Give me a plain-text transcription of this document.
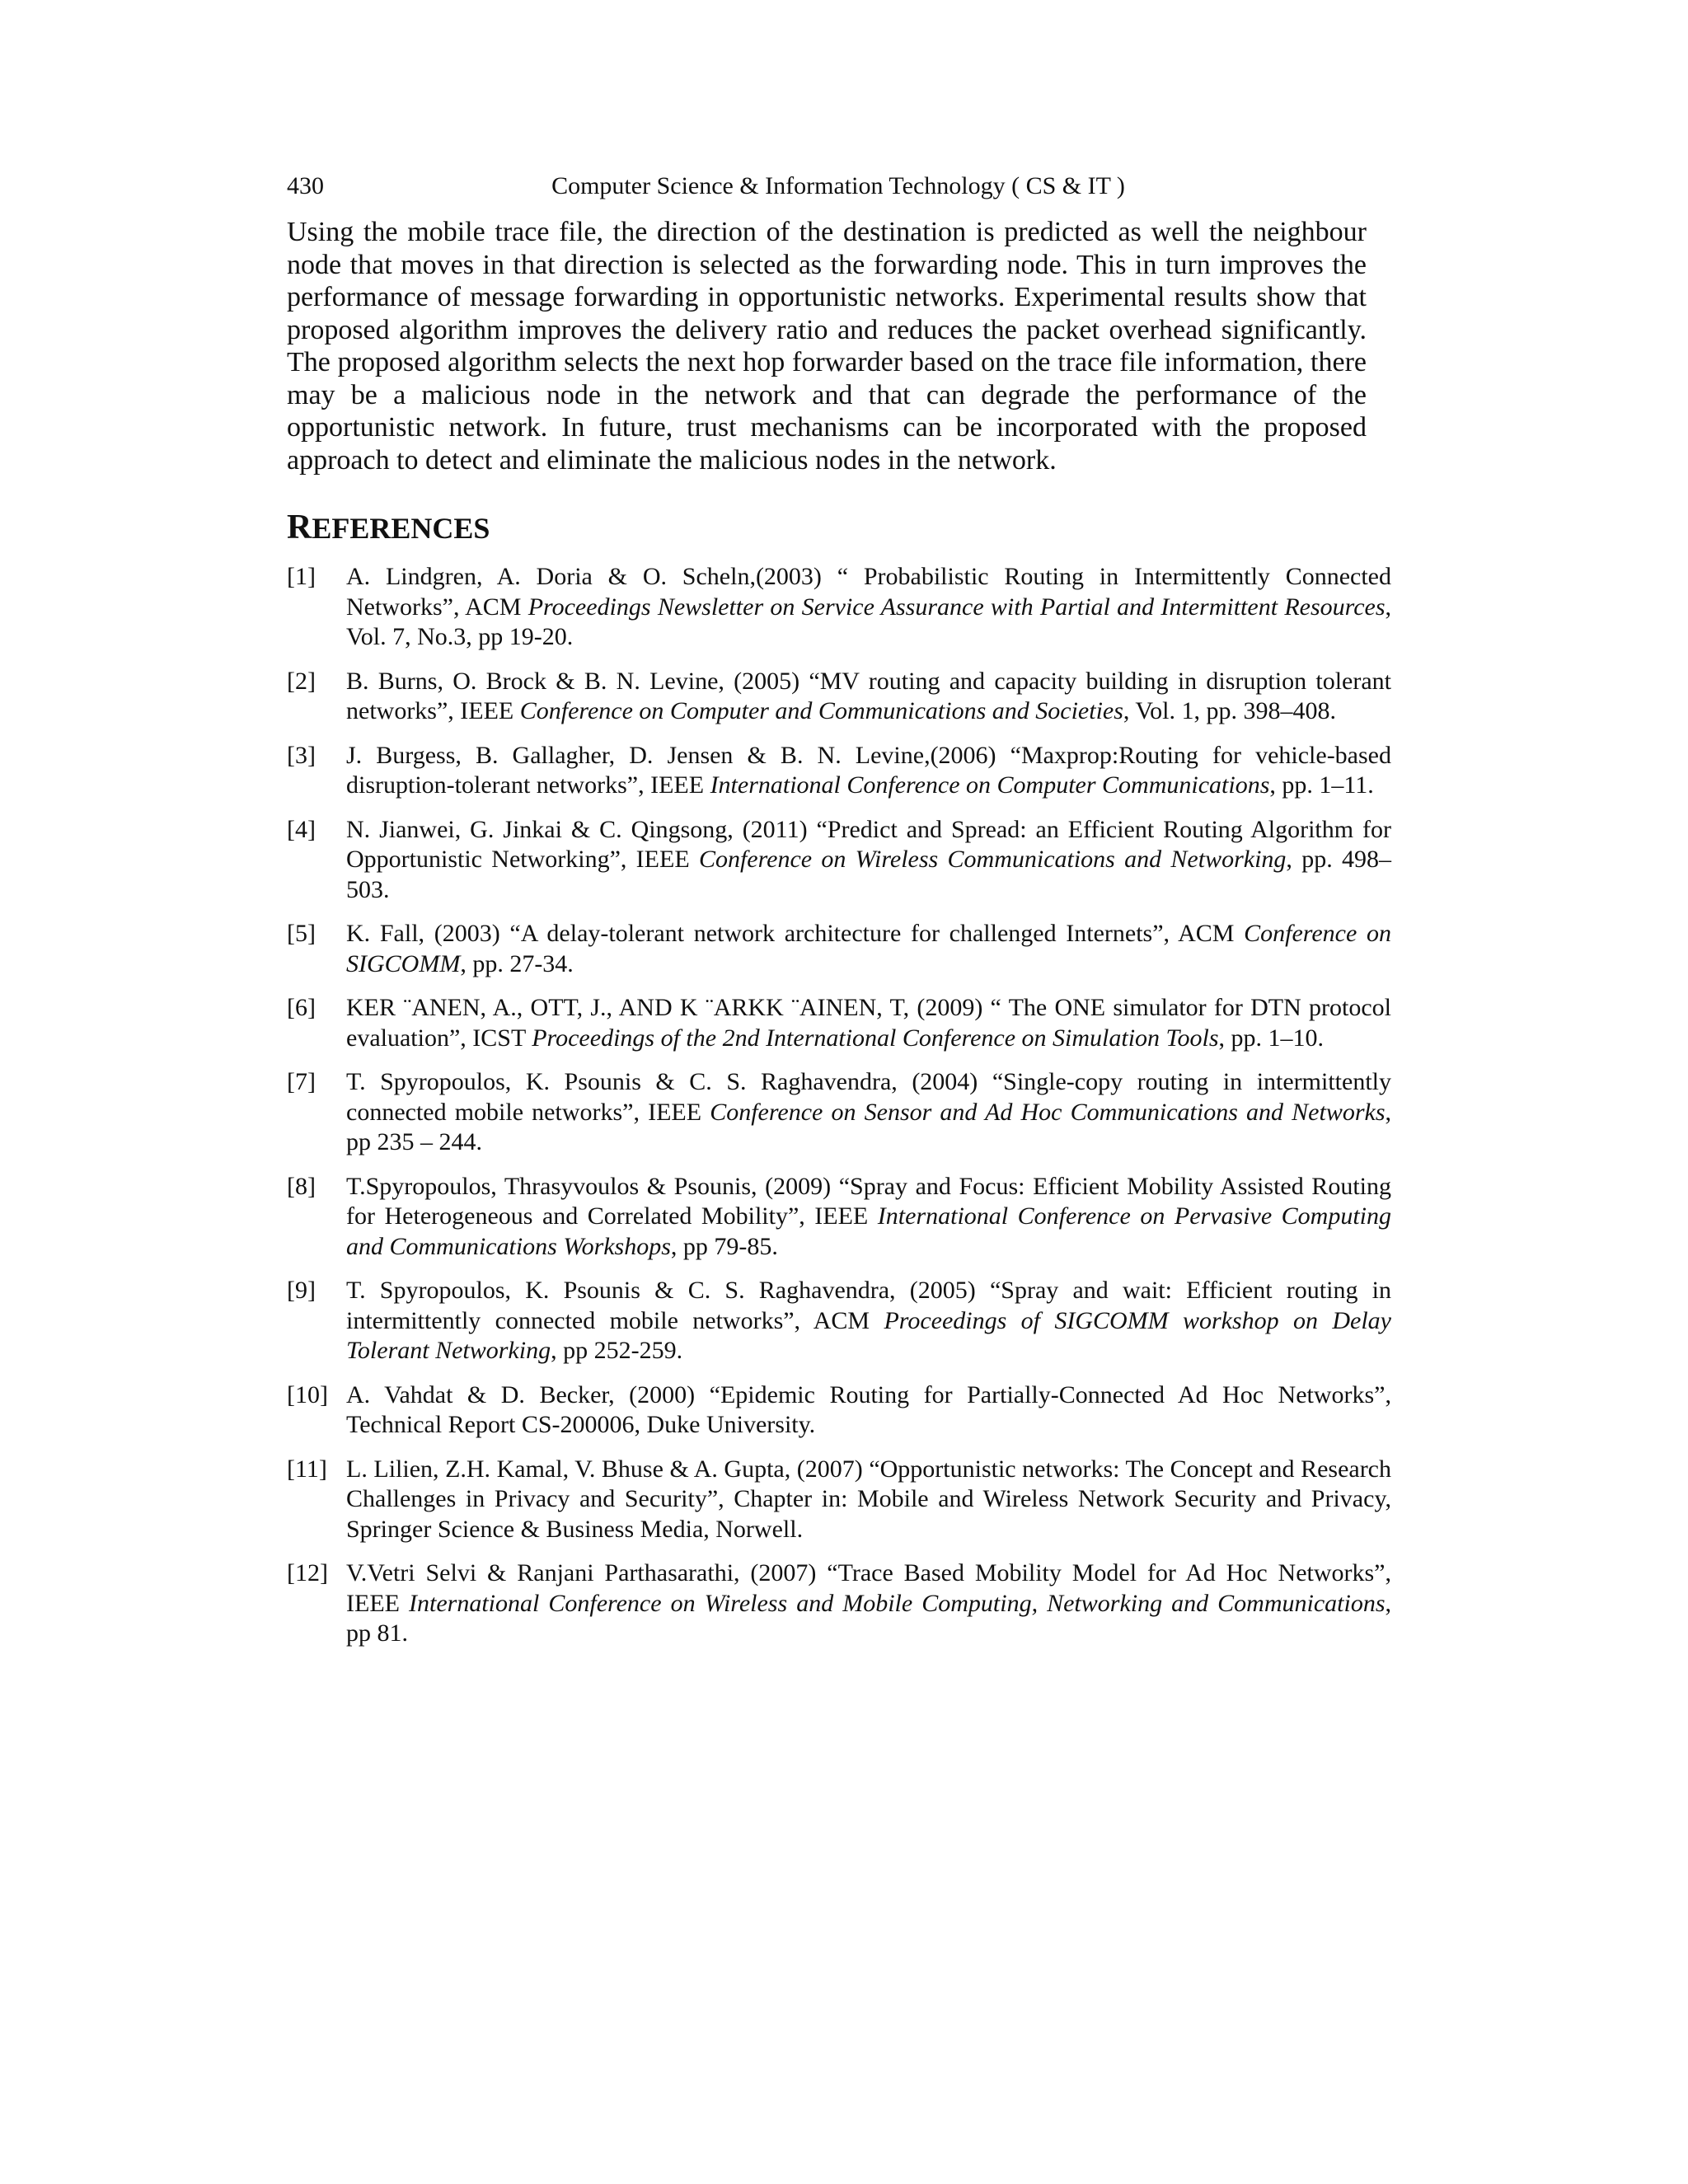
430	Computer Science & Information Technology ( CS & IT )

Using the mobile trace file, the direction of the destination is predicted as well the neighbour node that moves in that direction is selected as the forwarding node. This in turn improves the performance of message forwarding in opportunistic networks. Experimental results show that proposed algorithm improves the delivery ratio and reduces the packet overhead significantly. The proposed algorithm selects the next hop forwarder based on the trace file information, there may be a malicious node in the network and that can degrade the performance of the opportunistic network. In future, trust mechanisms can be incorporated with the proposed approach to detect and eliminate the malicious nodes in the network.

REFERENCES
[1] A. Lindgren, A. Doria & O. Scheln,(2003) “ Probabilistic Routing in Intermittently Connected Networks”, ACM Proceedings Newsletter on Service Assurance with Partial and Intermittent Resources, Vol. 7, No.3, pp 19-20.
[2] B. Burns, O. Brock & B. N. Levine, (2005) “MV routing and capacity building in disruption tolerant networks”, IEEE Conference on Computer and Communications and Societies, Vol. 1, pp. 398–408.
[3] J. Burgess, B. Gallagher, D. Jensen & B. N. Levine,(2006) “Maxprop:Routing for vehicle-based disruption-tolerant networks”, IEEE International Conference on Computer Communications, pp. 1–11.
[4] N. Jianwei, G. Jinkai & C. Qingsong, (2011) “Predict and Spread: an Efficient Routing Algorithm for Opportunistic Networking”, IEEE Conference on Wireless Communications and Networking, pp. 498–503.
[5] K. Fall, (2003) “A delay-tolerant network architecture for challenged Internets”, ACM Conference on SIGCOMM, pp. 27-34.
[6] KER ¨ANEN, A., OTT, J., AND K ¨ARKK ¨AINEN, T, (2009) “ The ONE simulator for DTN protocol evaluation”, ICST Proceedings of the 2nd International Conference on Simulation Tools, pp. 1–10.
[7] T. Spyropoulos, K. Psounis & C. S. Raghavendra, (2004) “Single-copy routing in intermittently connected mobile networks”, IEEE Conference on Sensor and Ad Hoc Communications and Networks, pp 235 – 244.
[8] T.Spyropoulos, Thrasyvoulos & Psounis, (2009) “Spray and Focus: Efficient Mobility Assisted Routing for Heterogeneous and Correlated Mobility”, IEEE International Conference on Pervasive Computing and Communications Workshops, pp 79-85.
[9] T. Spyropoulos, K. Psounis & C. S. Raghavendra, (2005) “Spray and wait: Efficient routing in intermittently connected mobile networks”, ACM Proceedings of SIGCOMM workshop on Delay Tolerant Networking, pp 252-259.
[10] A. Vahdat & D. Becker, (2000) “Epidemic Routing for Partially-Connected Ad Hoc Networks”, Technical Report CS-200006, Duke University.
[11] L. Lilien, Z.H. Kamal, V. Bhuse & A. Gupta, (2007) “Opportunistic networks: The Concept and Research Challenges in Privacy and Security”, Chapter in: Mobile and Wireless Network Security and Privacy, Springer Science & Business Media, Norwell.
[12] V.Vetri Selvi & Ranjani Parthasarathi, (2007) “Trace Based Mobility Model for Ad Hoc Networks”, IEEE International Conference on Wireless and Mobile Computing, Networking and Communications, pp 81.
